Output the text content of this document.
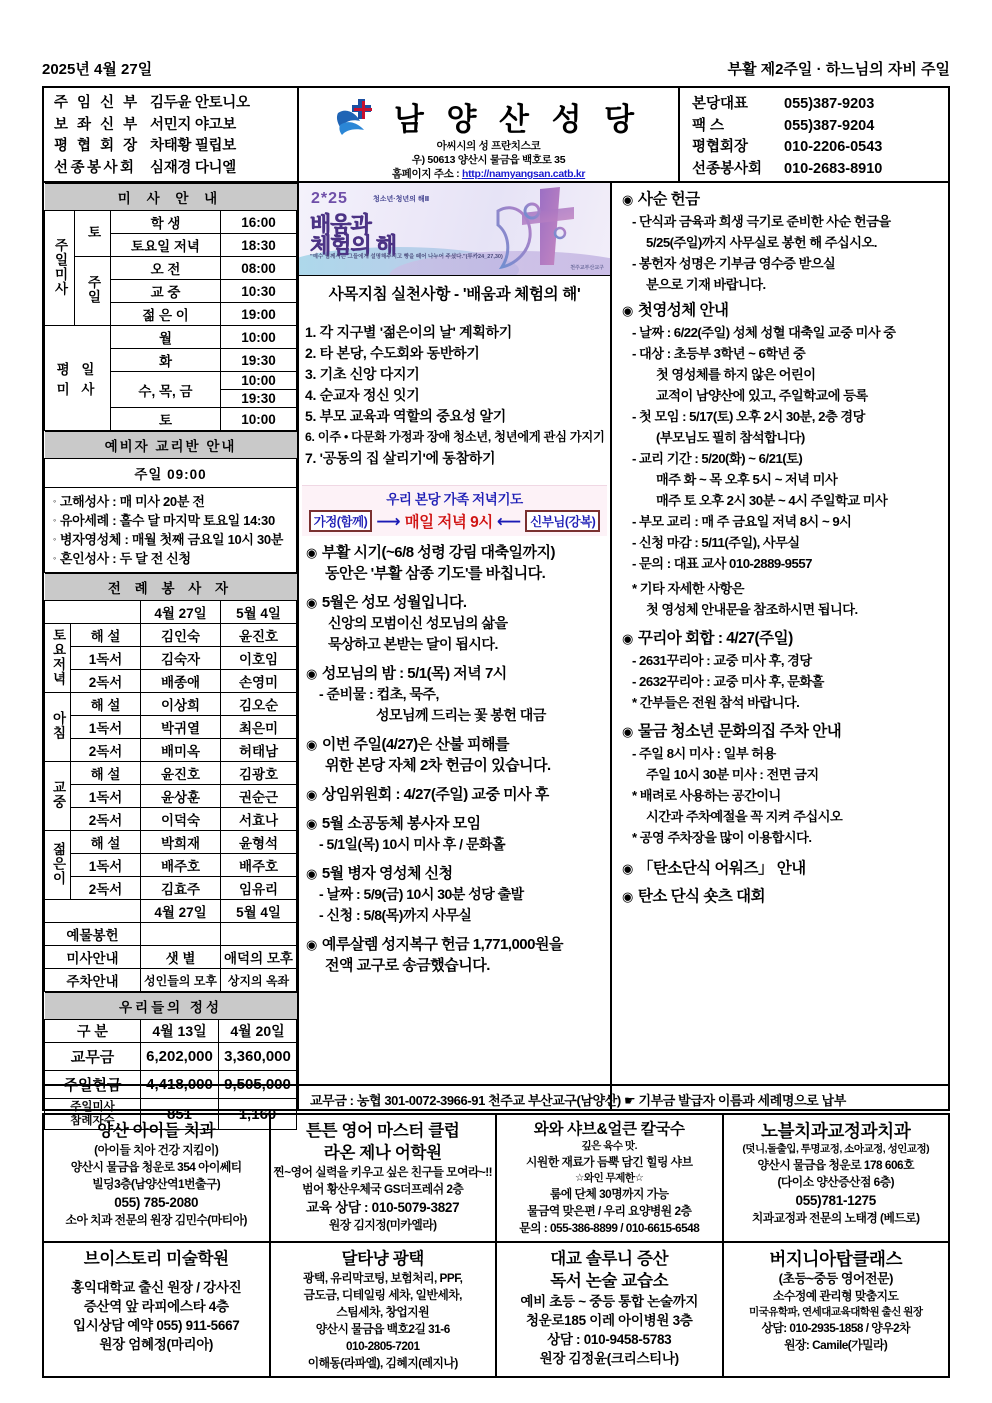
2025년 4월 27일	부활 제2주일 · 하느님의 자비 주일
주 임 신 부 김두윤 안토니오
보 좌 신 부 서민지 야고보
평 협 회 장 차태황 필립보
선종봉사회 심재경 다니엘
남 양 산 성 당
아씨시의 성 프란치스코
우) 50613 양산시 물금읍 백호로 35
홈페이지 주소 : http://namyangsan.catb.kr
본당대표	055)387-9203
팩 스	055)387-9204
평협회장	010-2206-0543
선종봉사회	010-2683-8910
미 사 안 내			
주일미사	토	학 생	16:00
		토요일 저녁	18:30
	주일	오 전	08:00
		교 중	10:30
		젊 은 이	19:00
평 일
미 사		월	10:00
		화	19:30
		수, 목, 금	10:00
			19:30
		토	10:00
예비자 교리반 안내
주일 09:00

◦ 고해성사 : 매 미사 20분 전
◦ 유아세례 : 홀수 달 마지막 토요일 14:30
◦ 병자영성체 : 매월 첫째 금요일 10시 30분
◦ 혼인성사 : 두 달 전 신청
전 례 봉 사 자			
		4월 27일	5월 4일
토요저녁	해 설	김인숙	윤진호
	1독서	김숙자	이호임
	2독서	배종애	손영미
아침	해 설	이상희	김오순
	1독서	박귀열	최은미
	2독서	배미옥	허태남
교중	해 설	윤진호	김광호
	1독서	윤상훈	권순근
	2독서	이덕숙	서효나
젊은이	해 설	박희재	윤형석
	1독서	배주호	배주호
	2독서	김효주	임유리
		4월 27일	5월 4일
예물봉헌			
미사안내		샛 별	애덕의 모후
주차안내		성인들의 모후	상지의 옥좌
우리들의 정성		
구 분	4월 13일	4월 20일
교무금	6,202,000	3,360,000
주일헌금	4,418,000	9,505,000
주일미사
참례자수	851	1,160
2*25	청소년·청년의 해Ⅱ
배움과
체험의 해
"예수 님께서는 그들에게 설명해주시고 빵을 떼어 나누어 주셨다."(루카24_27,30)
천주교부산교구
사목지침 실천사항 - '배움과 체험의 해'
1. 각 지구별 '젊은이의 날' 계획하기
2. 타 본당, 수도회와 동반하기
3. 기초 신앙 다지기
4. 순교자 정신 잇기
5. 부모 교육과 역할의 중요성 알기
6. 이주 • 다문화 가정과 장애 청소년, 청년에게 관심 가지기
7. '공동의 집 살리기'에 동참하기
우리 본당 가족 저녁기도
가정(함께) ⟶ 매일 저녁 9시 ⟵ 신부님(강복)
◉ 부활 시기(~6/8 성령 강림 대축일까지)
동안은 '부활 삼종 기도'를 바칩니다.
◉ 5월은 성모 성월입니다.
신앙의 모범이신 성모님의 삶을
묵상하고 본받는 달이 됩시다.
◉ 성모님의 밤 : 5/1(목) 저녁 7시
- 준비물 : 컵초, 묵주,
성모님께 드리는 꽃 봉헌 대금
◉ 이번 주일(4/27)은 산불 피해를
위한 본당 자체 2차 헌금이 있습니다.
◉ 상임위원회 : 4/27(주일) 교중 미사 후
◉ 5월 소공동체 봉사자 모임
- 5/1일(목) 10시 미사 후 / 문화홀
◉ 5월 병자 영성체 신청
- 날짜 : 5/9(금) 10시 30분 성당 출발
- 신청 : 5/8(목)까지 사무실
◉ 예루살렘 성지복구 헌금 1,771,000원을
전액 교구로 송금했습니다.
◉ 사순 헌금
- 단식과 금육과 희생 극기로 준비한 사순 헌금을
5/25(주일)까지 사무실로 봉헌 해 주십시오.
- 봉헌자 성명은 기부금 영수증 받으실
분으로 기재 바랍니다.
◉ 첫영성체 안내
- 날짜 : 6/22(주일) 성체 성혈 대축일 교중 미사 중
- 대상 : 초등부 3학년 ~ 6학년 중
첫 영성체를 하지 않은 어린이
교적이 남양산에 있고, 주일학교에 등록
- 첫 모임 : 5/17(토) 오후 2시 30분, 2층 경당
(부모님도 필히 참석합니다)
- 교리 기간 : 5/20(화) ~ 6/21(토)
매주 화 ~ 목 오후 5시 ~ 저녁 미사
매주 토 오후 2시 30분 ~ 4시 주일학교 미사
- 부모 교리 : 매 주 금요일 저녁 8시 ~ 9시
- 신청 마감 : 5/11(주일), 사무실
- 문의 : 대표 교사 010-2889-9557
* 기타 자세한 사항은
첫 영성체 안내문을 참조하시면 됩니다.
◉ 꾸리아 회합 : 4/27(주일)
- 2631꾸리아 : 교중 미사 후, 경당
- 2632꾸리아 : 교중 미사 후, 문화홀
* 간부들은 전원 참석 바랍니다.
◉ 물금 청소년 문화의집 주차 안내
- 주일 8시 미사 : 일부 허용
주일 10시 30분 미사 : 전면 금지
* 배려로 사용하는 공간이니
시간과 주차예절을 꼭 지켜 주십시오
* 공영 주차장을 많이 이용합시다.
◉ 「탄소단식 어워즈」 안내
◉ 탄소 단식 숏츠 대회
교무금 : 농협 301-0072-3966-91 천주교 부산교구(남양산) ☛ 기부금 발급자 이름과 세례명으로 납부
양산 아이들 치과
(아이들 치아 건강 지킴이)
양산시 물금읍 청운로 354 아이쎄티
빌딩3층(남양산역1번출구)
055) 785-2080
소아 치과 전문의 원장 김민수(마티아)
튼튼 영어 마스터 클럽
라온 제나 어학원
찐~영어 실력을 키우고 싶은 친구들 모여라~!!
범어 황산우체국 GS더프레쉬 2층
교육 상담 : 010-5079-3827
원장 김지정(미카엘라)
와와 샤브&얼큰 칼국수
깊은 육수 맛.
시원한 재료가 듬뿍 담긴 힐링 샤브
☆와인 무제한☆
룸에 단체 30명까지 가능
물금역 맞은편 / 우리 요양병원 2층
문의 : 055-386-8899 / 010-6615-6548
노블치과교정과치과
(덧니,돌출입, 투명교정, 소아교정, 성인교정)
양산시 물금읍 청운로 178 606호
(다이소 양산증산점 6층)
055)781-1275
치과교정과 전문의 노태경 (베드로)
브이스토리 미술학원
홍익대학교 출신 원장 / 강사진
증산역 앞 라피에스타 4층
입시상담 예약 055) 911-5667
원장 엄혜정(마리아)
달타냥 광택
광택, 유리막코팅, 보험처리, PPF,
금도금, 디테일링 세차, 일반세차,
스팀세차, 창업지원
양산시 물금읍 백호2길 31-6
010-2805-7201
이해동(라파엘), 김혜지(레지나)
대교 솔루니 증산
독서 논술 교습소
예비 초등 ~ 중등 통합 논술까지
청운로185 이레 아이병원 3층
상담 : 010-9458-5783
원장 김정윤(크리스티나)
버지니아탑클래스
(초등~중등 영어전문)
소수정예 관리형 맞춤지도
미국유학파, 연세대교육대학원 출신 원장
상담: 010-2935-1858 / 양우2차
원장: Camile(가밀라)
